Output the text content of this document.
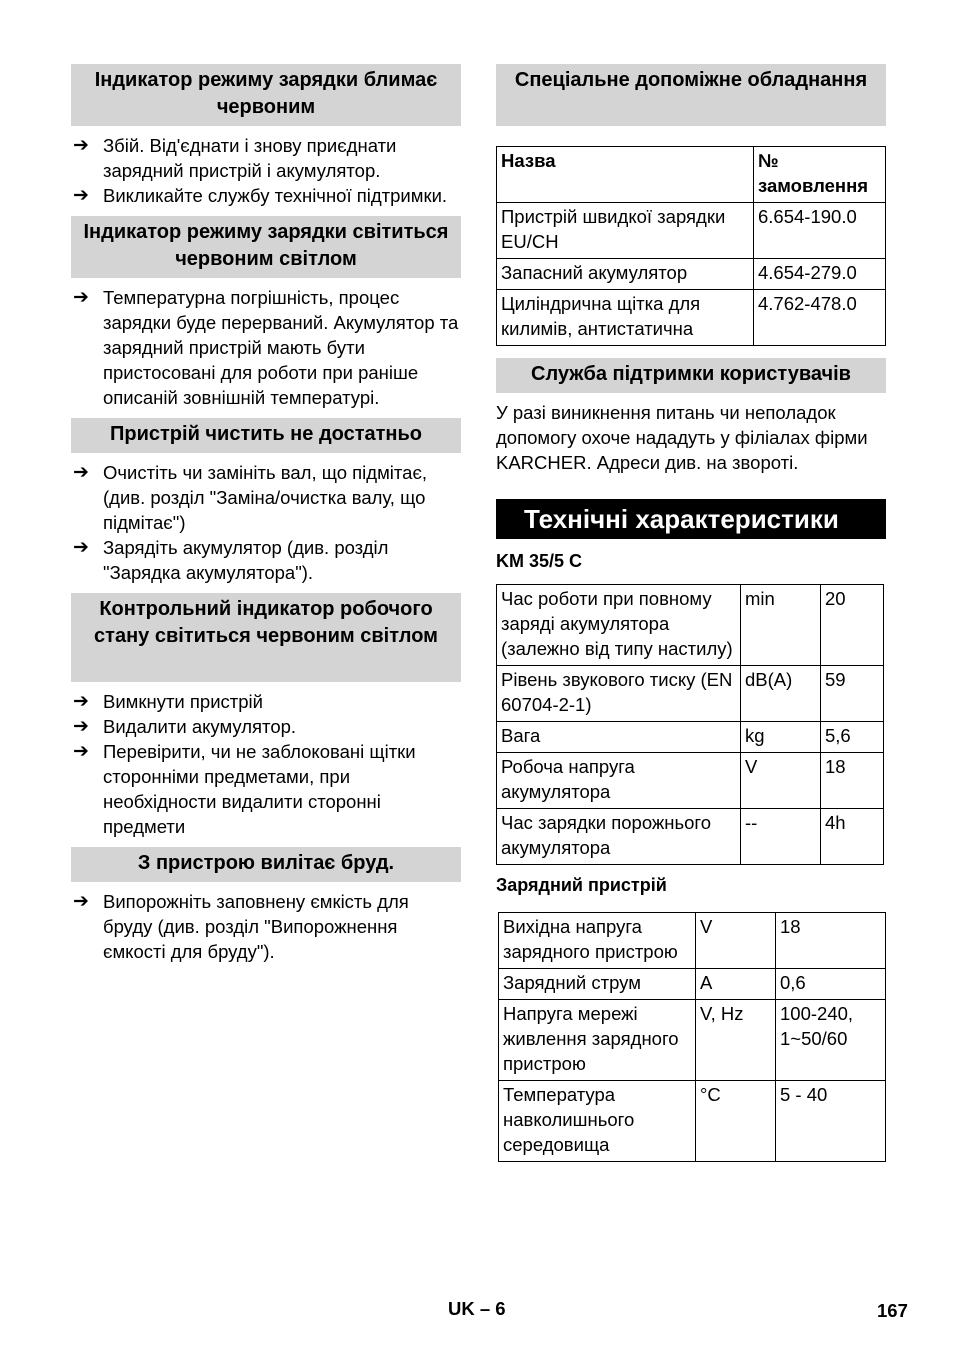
Індикатор режиму зарядки блимає червоним
➔ Збій. Від'єднати і знову приєднати зарядний пристрій і акумулятор.
➔ Викликайте службу технічної підтримки.
Індикатор режиму зарядки світиться червоним світлом
➔ Температурна погрішність, процес зарядки буде перерваний. Акумулятор та зарядний пристрій мають бути пристосовані для роботи при раніше описаній зовнішній температурі.
Пристрій чистить не достатньо
➔ Очистіть чи замініть вал, що підмітає, (див. розділ "Заміна/очистка валу, що підмітає")
➔ Зарядіть акумулятор (див. розділ "Зарядка акумулятора").
Контрольний індикатор робочого стану світиться червоним світлом
➔ Вимкнути пристрій
➔ Видалити акумулятор.
➔ Перевірити, чи не заблоковані щітки сторонніми предметами, при необхідности видалити сторонні предмети
З пристрою вилітає бруд.
➔ Випорожніть заповнену ємкість для бруду (див. розділ "Випорожнення ємкості для бруду").
Спеціальне допоміжне обладнання
Назва	№ замовлення
Пристрій швидкої зарядки EU/CH	6.654-190.0
Запасний акумулятор	4.654-279.0
Циліндрична щітка для килимів, антистатична	4.762-478.0
Служба підтримки користувачів

У разі виникнення питань чи неполадок допомогу охоче нададуть у філіалах фірми KARCHER. Адреси див. на звороті.

Технічні характеристики
KM 35/5 C
Час роботи при повному заряді акумулятора (залежно від типу настилу)	min	20
Рівень звукового тиску (EN 60704-2-1)	dB(A)	59
Вага	kg	5,6
Робоча напруга акумулятора	V	18
Час зарядки порожнього акумулятора	--	4h
Зарядний пристрій
Вихідна напруга зарядного пристрою	V	18
Зарядний струм	A	0,6
Напруга мережі живлення зарядного пристрою	V, Hz	100-240, 1~50/60
Температура навколишнього середовища	°C	5 - 40
UK – 6	167
